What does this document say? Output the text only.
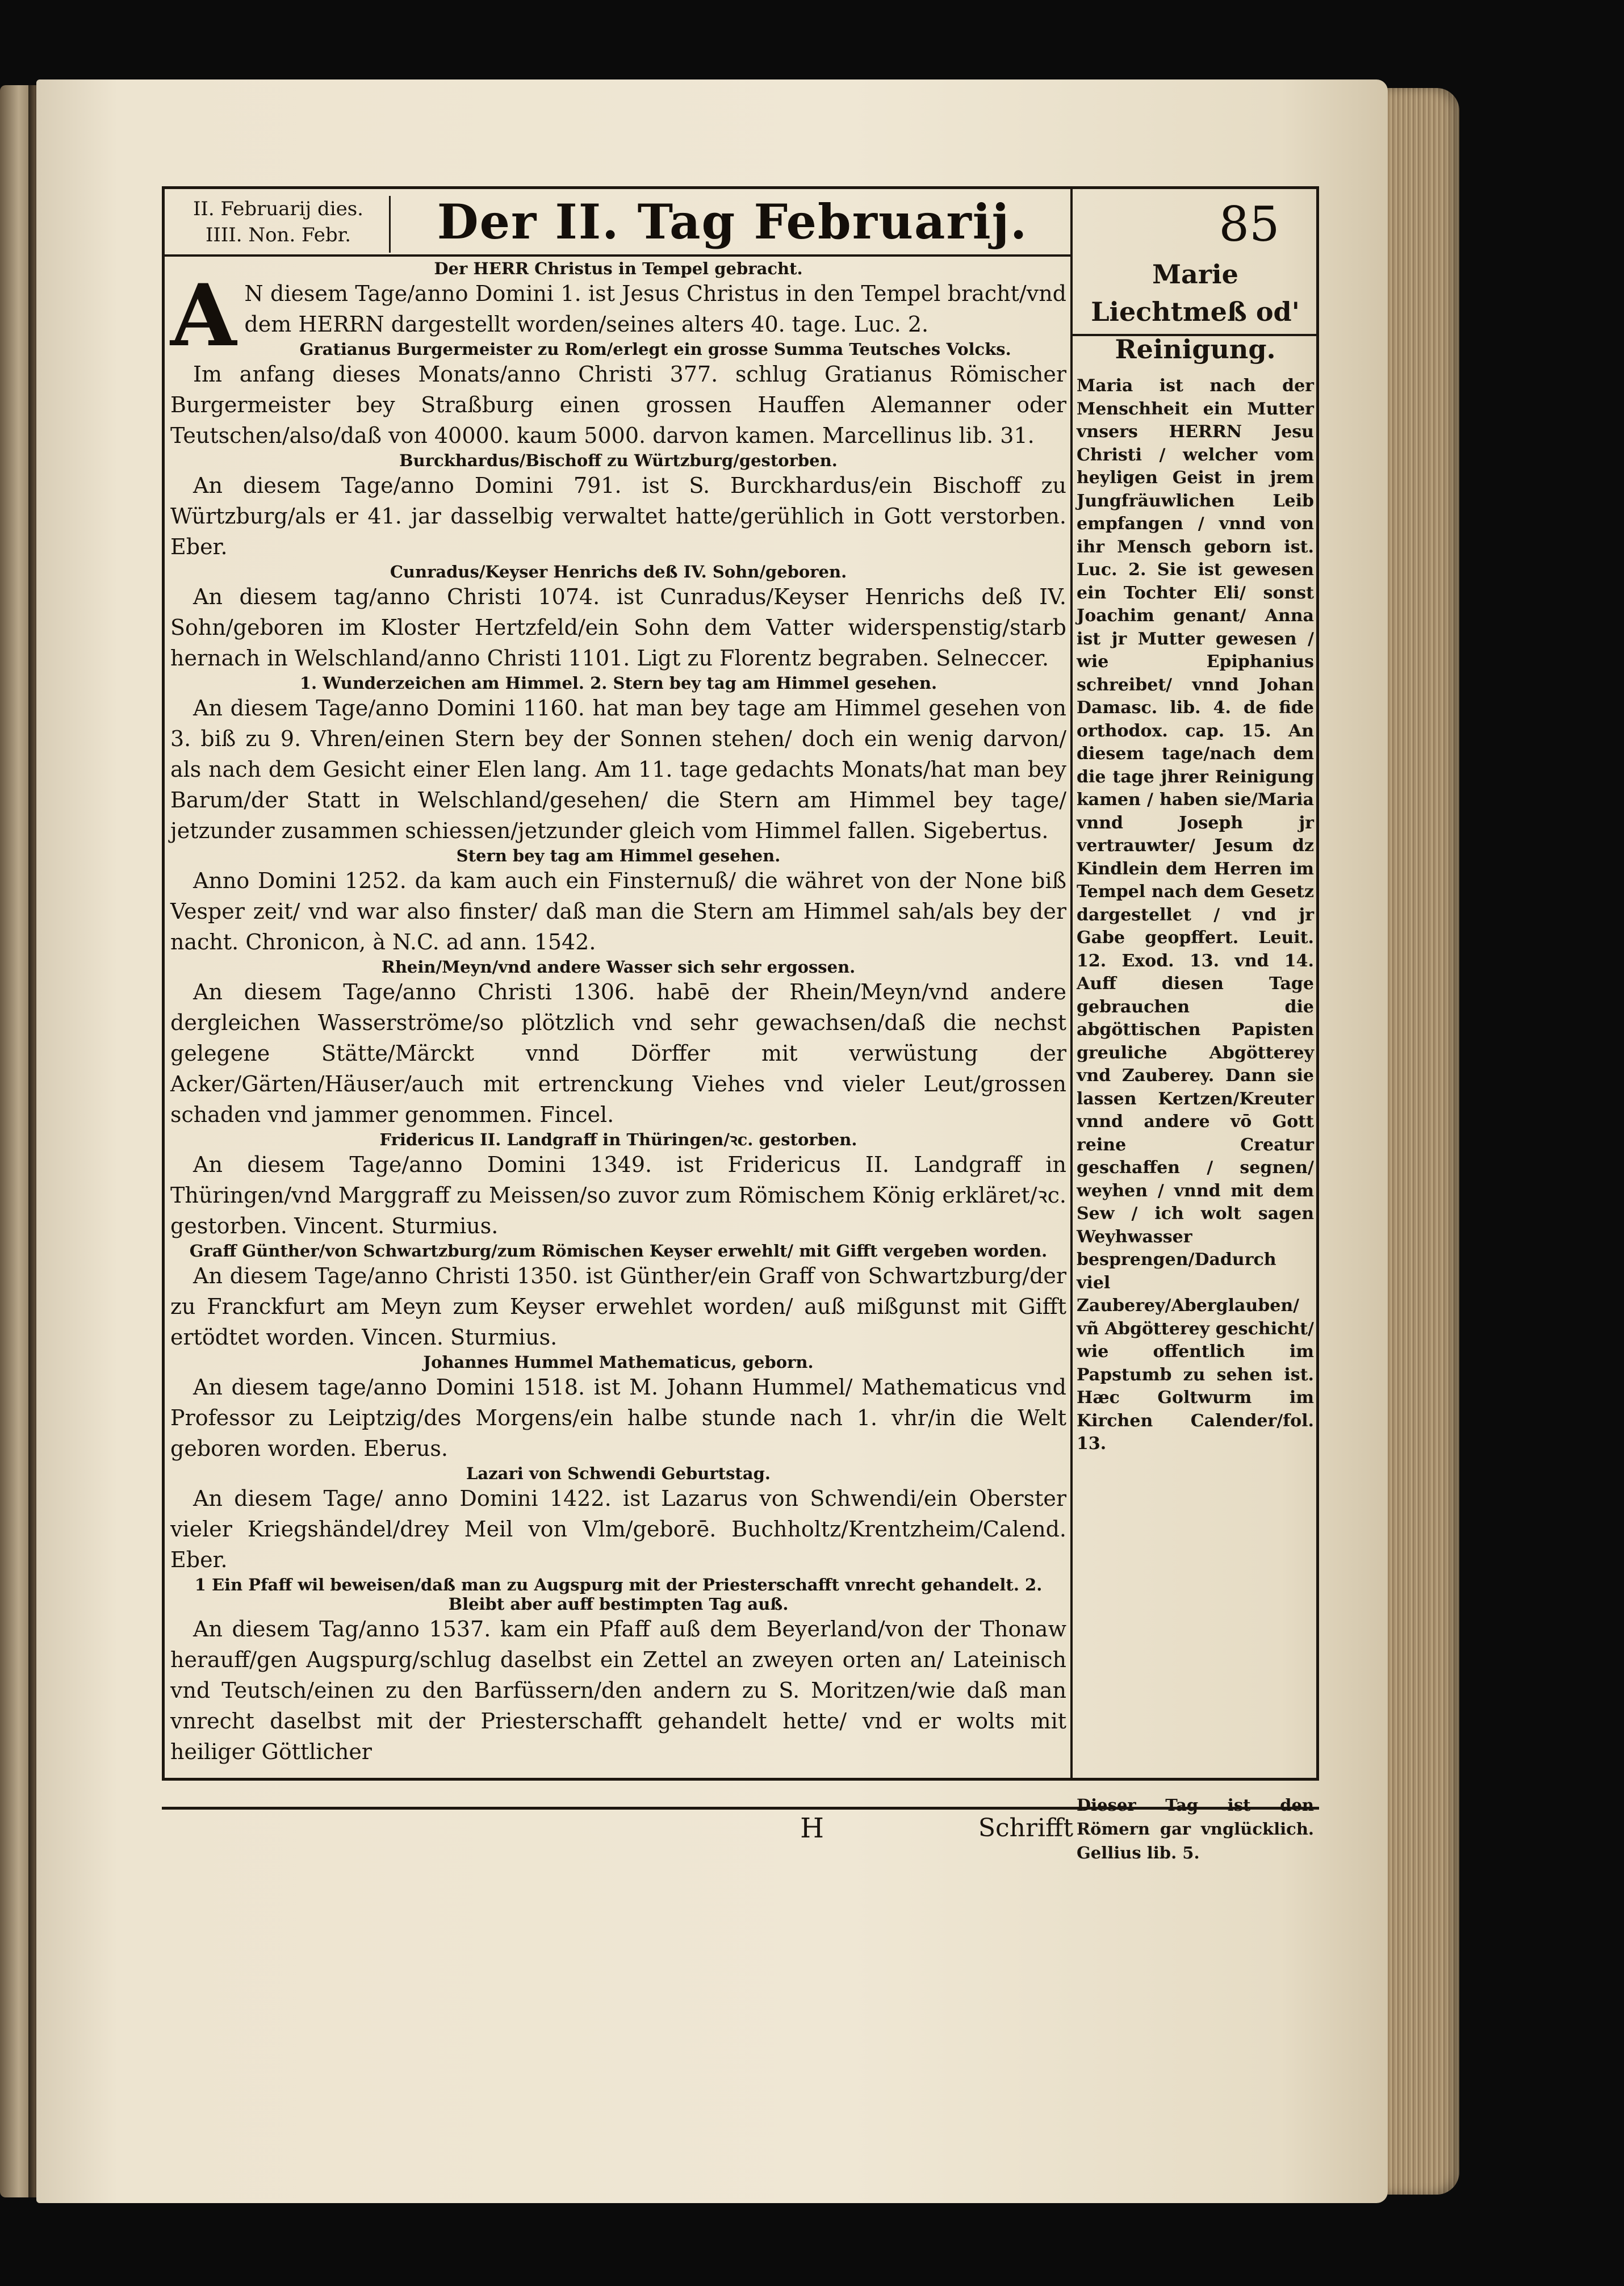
II. Februarij dies.
IIII. Non. Febr.	Der II. Tag Februarij.	85

Der HERR Christus in Tempel gebracht.

A N diesem Tage/anno Domini 1. ist Jesus Christus in den Tempel bracht/vnd dem HERRN dargestellt worden/seines alters 40. tage. Luc. 2.

Gratianus Burgermeister zu Rom/erlegt ein grosse Summa Teutsches Volcks.

Im anfang dieses Monats/anno Christi 377. schlug Gratianus Römischer Burgermeister bey Straßburg einen grossen Hauffen Alemanner oder Teutschen/also/daß von 40000. kaum 5000. darvon kamen. Marcellinus lib. 31.

Burckhardus/Bischoff zu Würtzburg/gestorben.

An diesem Tage/anno Domini 791. ist S. Burckhardus/ein Bischoff zu Würtzburg/als er 41. jar dasselbig verwaltet hatte/gerühlich in Gott verstorben. Eber.

Cunradus/Keyser Henrichs deß IV. Sohn/geboren.

An diesem tag/anno Christi 1074. ist Cunradus/Keyser Henrichs deß IV. Sohn/geboren im Kloster Hertzfeld/ein Sohn dem Vatter widerspenstig/starb hernach in Welschland/anno Christi 1101. Ligt zu Florentz begraben. Selneccer.

1. Wunderzeichen am Himmel. 2. Stern bey tag am Himmel gesehen.

An diesem Tage/anno Domini 1160. hat man bey tage am Himmel gesehen von 3. biß zu 9. Vhren/einen Stern bey der Sonnen stehen/ doch ein wenig darvon/ als nach dem Gesicht einer Elen lang. Am 11. tage gedachts Monats/hat man bey Barum/der Statt in Welschland/gesehen/ die Stern am Himmel bey tage/ jetzunder zusammen schiessen/jetzunder gleich vom Himmel fallen. Sigebertus.

Stern bey tag am Himmel gesehen.

Anno Domini 1252. da kam auch ein Finsternuß/ die währet von der None biß Vesper zeit/ vnd war also finster/ daß man die Stern am Himmel sah/als bey der nacht. Chronicon, à N.C. ad ann. 1542.

Rhein/Meyn/vnd andere Wasser sich sehr ergossen.

An diesem Tage/anno Christi 1306. habē der Rhein/Meyn/vnd andere dergleichen Wasserströme/so plötzlich vnd sehr gewachsen/daß die nechst gelegene Stätte/Märckt vnnd Dörffer mit verwüstung der Acker/Gärten/Häuser/auch mit ertrenckung Viehes vnd vieler Leut/grossen schaden vnd jammer genommen. Fincel.

Fridericus II. Landgraff in Thüringen/ꝛc. gestorben.

An diesem Tage/anno Domini 1349. ist Fridericus II. Landgraff in Thüringen/vnd Marggraff zu Meissen/so zuvor zum Römischem König erkläret/ꝛc. gestorben. Vincent. Sturmius.

Graff Günther/von Schwartzburg/zum Römischen Keyser erwehlt/ mit Gifft vergeben worden.

An diesem Tage/anno Christi 1350. ist Günther/ein Graff von Schwartzburg/der zu Franckfurt am Meyn zum Keyser erwehlet worden/ auß mißgunst mit Gifft ertödtet worden. Vincen. Sturmius.

Johannes Hummel Mathematicus, geborn.

An diesem tage/anno Domini 1518. ist M. Johann Hummel/ Mathematicus vnd Professor zu Leiptzig/des Morgens/ein halbe stunde nach 1. vhr/in die Welt geboren worden. Eberus.

Lazari von Schwendi Geburtstag.

An diesem Tage/ anno Domini 1422. ist Lazarus von Schwendi/ein Oberster vieler Kriegshändel/drey Meil von Vlm/geborē. Buchholtz/Krentzheim/Calend. Eber.

1 Ein Pfaff wil beweisen/daß man zu Augspurg mit der Priesterschafft vnrecht gehandelt. 2. Bleibt aber auff bestimpten Tag auß.

An diesem Tag/anno 1537. kam ein Pfaff auß dem Beyerland/von der Thonaw herauff/gen Augspurg/schlug daselbst ein Zettel an zweyen orten an/ Lateinisch vnd Teutsch/einen zu den Barfüssern/den andern zu S. Moritzen/wie daß man vnrecht daselbst mit der Priesterschafft gehandelt hette/ vnd er wolts mit heiliger Göttlicher

Marie Liechtmeß od' Reinigung.

Maria ist nach der Menschheit ein Mutter vnsers HERRN Jesu Christi / welcher vom heyligen Geist in jrem Jungfräuwlichen Leib empfangen / vnnd von ihr Mensch geborn ist. Luc. 2. Sie ist gewesen ein Tochter Eli/ sonst Joachim genant/ Anna ist jr Mutter gewesen / wie Epiphanius schreibet/ vnnd Johan Damasc. lib. 4. de fide orthodox. cap. 15. An diesem tage/nach dem die tage jhrer Reinigung kamen / haben sie/Maria vnnd Joseph jr vertrauwter/ Jesum dz Kindlein dem Herren im Tempel nach dem Gesetz dargestellet / vnd jr Gabe geopffert. Leuit. 12. Exod. 13. vnd 14. Auff diesen Tage gebrauchen die abgöttischen Papisten greuliche Abgötterey vnd Zauberey. Dann sie lassen Kertzen/Kreuter vnnd andere vō Gott reine Creatur geschaffen / segnen/ weyhen / vnnd mit dem Sew / ich wolt sagen Weyhwasser besprengen/Dadurch viel Zauberey/Aberglauben/ vñ Abgötterey geschicht/ wie offentlich im Papstumb zu sehen ist. Hæc Goltwurm im Kirchen Calender/fol. 13.

Dieser Tag ist den Römern gar vnglücklich. Gellius lib. 5.

H	Schrifft
